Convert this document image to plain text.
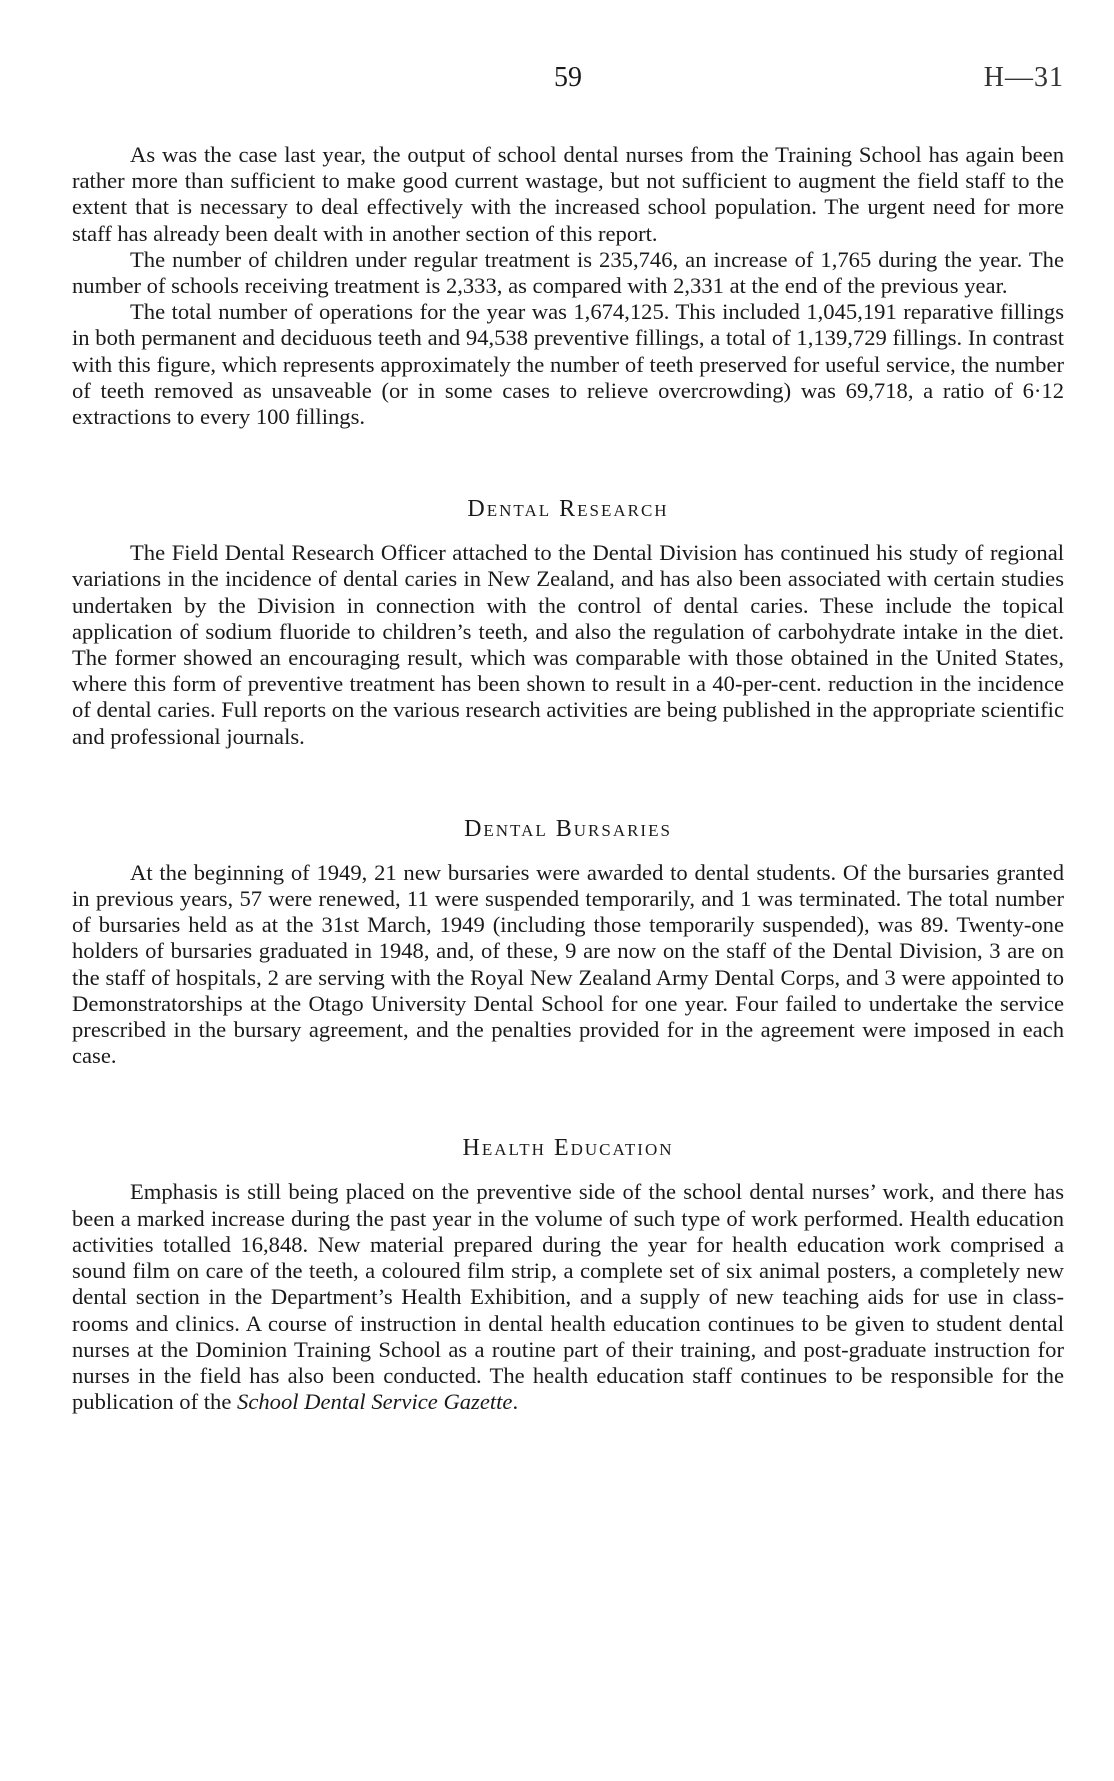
59	H—31

As was the case last year, the output of school dental nurses from the Training School has again been rather more than sufficient to make good current wastage, but not sufficient to augment the field staff to the extent that is necessary to deal effectively with the increased school population. The urgent need for more staff has already been dealt with in another section of this report.

The number of children under regular treatment is 235,746, an increase of 1,765 during the year. The number of schools receiving treatment is 2,333, as compared with 2,331 at the end of the previous year.

The total number of operations for the year was 1,674,125. This included 1,045,191 reparative fillings in both permanent and deciduous teeth and 94,538 preventive fillings, a total of 1,139,729 fillings. In contrast with this figure, which represents approximately the number of teeth preserved for useful service, the number of teeth removed as unsaveable (or in some cases to relieve overcrowding) was 69,718, a ratio of 6·12 extractions to every 100 fillings.

Dental Research

The Field Dental Research Officer attached to the Dental Division has continued his study of regional variations in the incidence of dental caries in New Zealand, and has also been associated with certain studies undertaken by the Division in connection with the control of dental caries. These include the topical application of sodium fluoride to children’s teeth, and also the regulation of carbohydrate intake in the diet. The former showed an encouraging result, which was comparable with those obtained in the United States, where this form of preventive treatment has been shown to result in a 40-per-cent. reduction in the incidence of dental caries. Full reports on the various research activities are being published in the appropriate scientific and professional journals.

Dental Bursaries

At the beginning of 1949, 21 new bursaries were awarded to dental students. Of the bursaries granted in previous years, 57 were renewed, 11 were suspended temporarily, and 1 was terminated. The total number of bursaries held as at the 31st March, 1949 (including those temporarily suspended), was 89. Twenty-one holders of bursaries graduated in 1948, and, of these, 9 are now on the staff of the Dental Division, 3 are on the staff of hospitals, 2 are serving with the Royal New Zealand Army Dental Corps, and 3 were appointed to Demonstratorships at the Otago University Dental School for one year. Four failed to undertake the service prescribed in the bursary agreement, and the penalties provided for in the agreement were imposed in each case.

Health Education

Emphasis is still being placed on the preventive side of the school dental nurses’ work, and there has been a marked increase during the past year in the volume of such type of work performed. Health education activities totalled 16,848. New material prepared during the year for health education work comprised a sound film on care of the teeth, a coloured film strip, a complete set of six animal posters, a completely new dental section in the Department’s Health Exhibition, and a supply of new teaching aids for use in class-rooms and clinics. A course of instruction in dental health education continues to be given to student dental nurses at the Dominion Training School as a routine part of their training, and post-graduate instruction for nurses in the field has also been conducted. The health education staff continues to be responsible for the publication of the School Dental Service Gazette.
